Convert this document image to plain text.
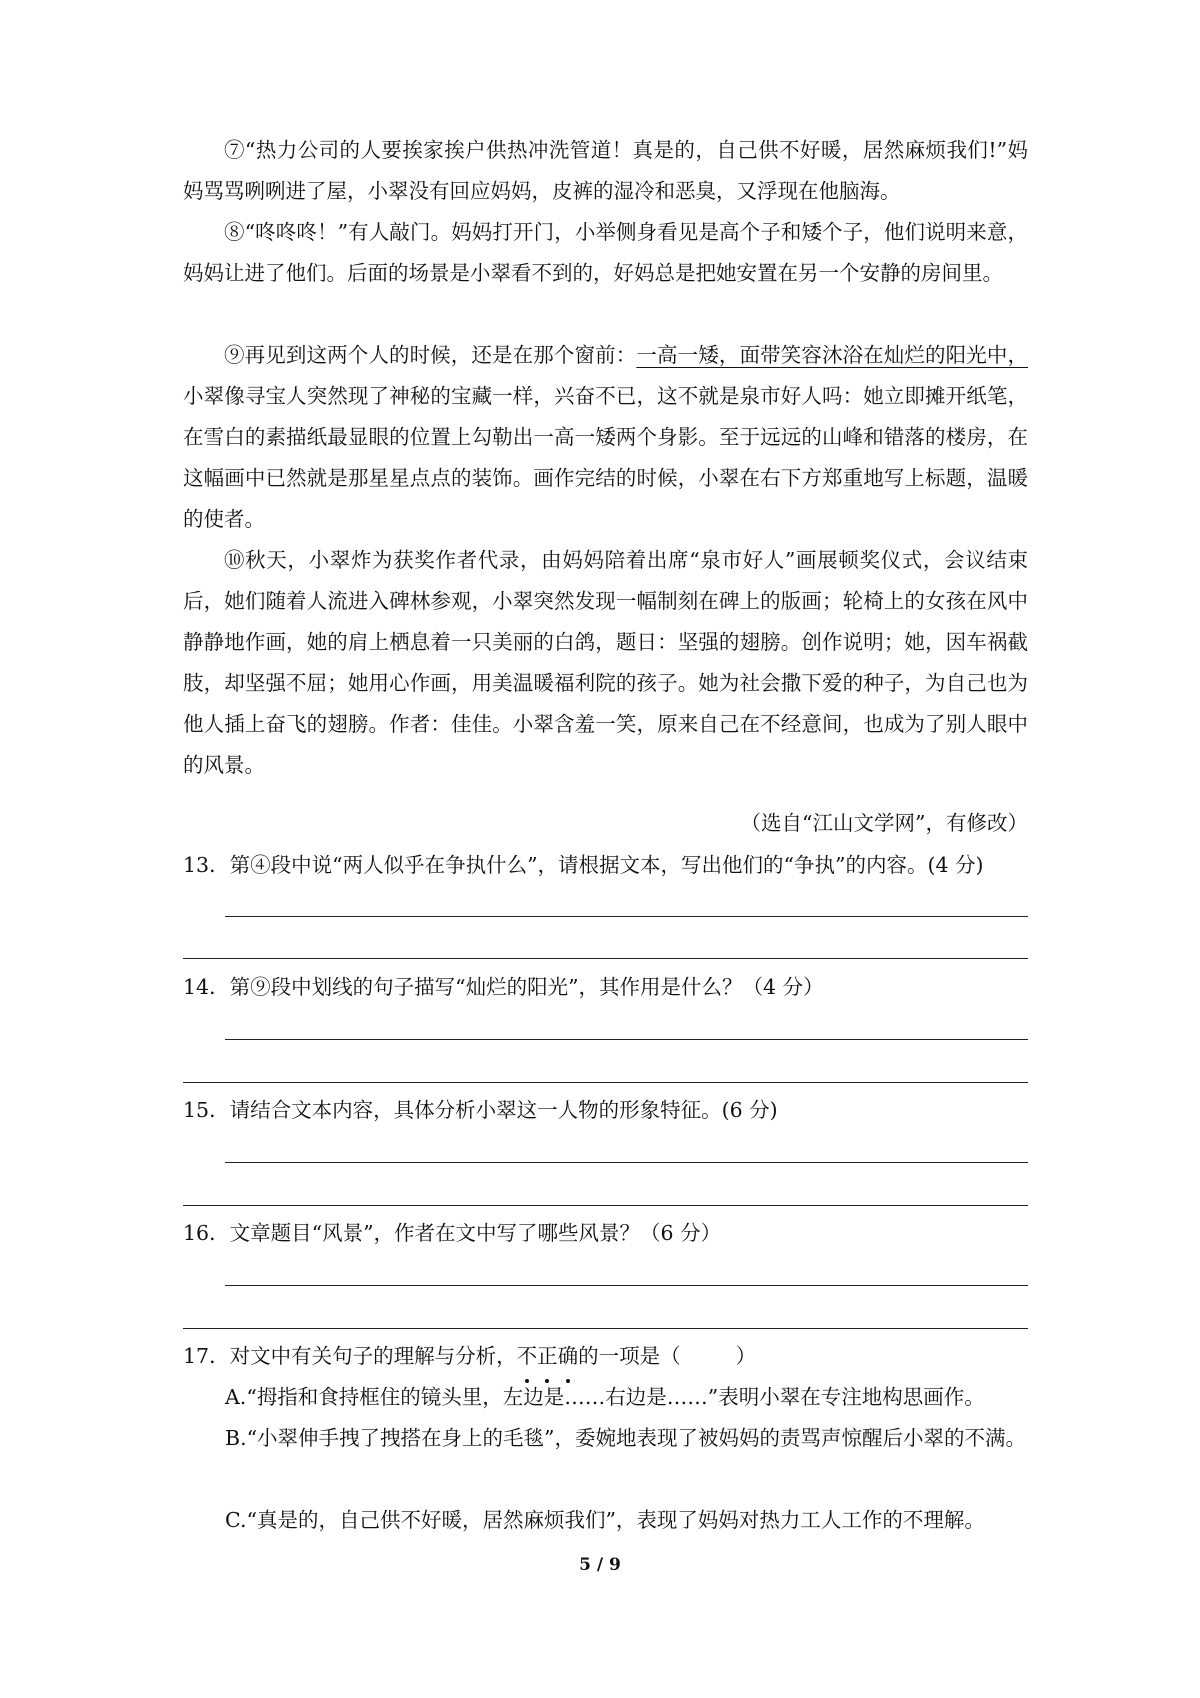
⑦“热力公司的人要挨家挨户供热冲洗管道！真是的，自己供不好暖，居然麻烦我们!”妈妈骂骂咧咧进了屋，小翠没有回应妈妈，皮裤的湿冷和恶臭，又浮现在他脑海。

⑧“咚咚咚！”有人敲门。妈妈打开门，小举侧身看见是高个子和矮个子，他们说明来意，妈妈让进了他们。后面的场景是小翠看不到的，好妈总是把她安置在另一个安静的房间里。

⑨再见到这两个人的时候，还是在那个窗前：一高一矮，面带笑容沐浴在灿烂的阳光中，小翠像寻宝人突然现了神秘的宝藏一样，兴奋不已，这不就是泉市好人吗：她立即摊开纸笔，在雪白的素描纸最显眼的位置上勾勒出一高一矮两个身影。至于远远的山峰和错落的楼房，在这幅画中已然就是那星星点点的装饰。画作完结的时候，小翠在右下方郑重地写上标题，温暖的使者。

⑩秋天，小翠炸为获奖作者代录，由妈妈陪着出席“泉市好人”画展顿奖仪式，会议结束后，她们随着人流进入碑林参观，小翠突然发现一幅制刻在碑上的版画；轮椅上的女孩在风中静静地作画，她的肩上栖息着一只美丽的白鸽，题日：坚强的翅膀。创作说明；她，因车祸截肢，却坚强不屈；她用心作画，用美温暖福利院的孩子。她为社会撒下爱的种子，为自己也为他人插上奋飞的翅膀。作者：佳佳。小翠含羞一笑，原来自己在不经意间，也成为了别人眼中的风景。

（选自“江山文学网”，有修改）

13．第④段中说“两人似乎在争执什么”，请根据文本，写出他们的“争执”的内容。(4 分)

14．第⑨段中划线的句子描写“灿烂的阳光”，其作用是什么？（4 分）

15．请结合文本内容，具体分析小翠这一人物的形象特征。(6 分)

16．文章题目“风景”，作者在文中写了哪些风景？（6 分）

17．对文中有关句子的理解与分析，不正确的一项是（	）

A.“拇指和食持框住的镜头里，左边是……右边是……”表明小翠在专注地构思画作。

B.“小翠伸手拽了拽搭在身上的毛毯”，委婉地表现了被妈妈的责骂声惊醒后小翠的不满。

C.“真是的，自己供不好暖，居然麻烦我们”，表现了妈妈对热力工人工作的不理解。

5 / 9
